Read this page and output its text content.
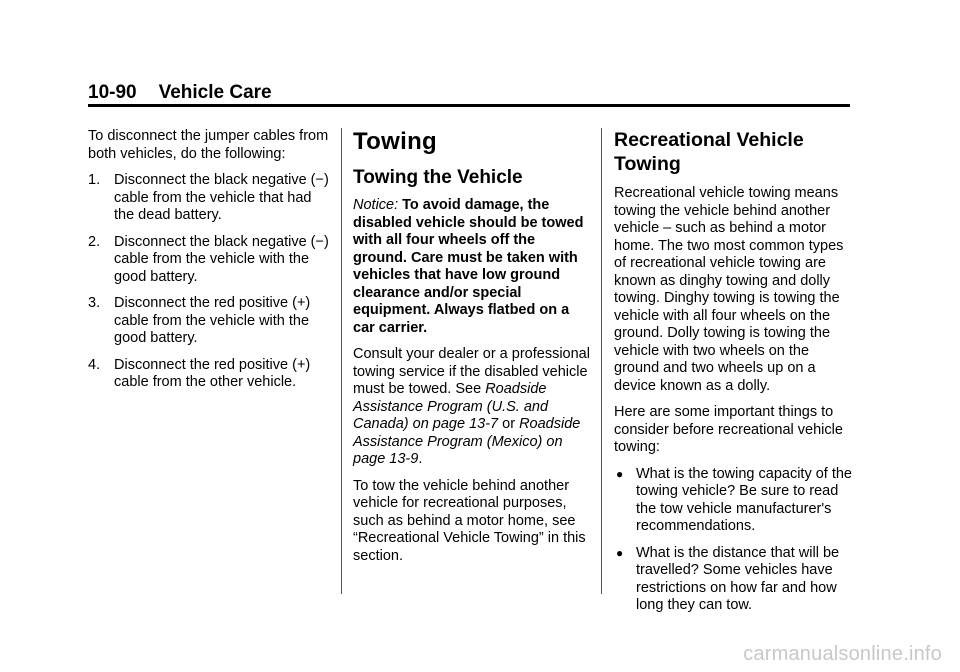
10-90 Vehicle Care

To disconnect the jumper cables from both vehicles, do the following:

1. Disconnect the black negative (−) cable from the vehicle that had the dead battery.
2. Disconnect the black negative (−) cable from the vehicle with the good battery.
3. Disconnect the red positive (+) cable from the vehicle with the good battery.
4. Disconnect the red positive (+) cable from the other vehicle.
Towing
Towing the Vehicle

Notice: To avoid damage, the disabled vehicle should be towed with all four wheels off the ground. Care must be taken with vehicles that have low ground clearance and/or special equipment. Always flatbed on a car carrier.

Consult your dealer or a professional towing service if the disabled vehicle must be towed. See Roadside Assistance Program (U.S. and Canada) on page 13-7 or Roadside Assistance Program (Mexico) on page 13-9.

To tow the vehicle behind another vehicle for recreational purposes, such as behind a motor home, see “Recreational Vehicle Towing” in this section.

Recreational Vehicle
Towing

Recreational vehicle towing means towing the vehicle behind another vehicle – such as behind a motor home. The two most common types of recreational vehicle towing are known as dinghy towing and dolly towing. Dinghy towing is towing the vehicle with all four wheels on the ground. Dolly towing is towing the vehicle with two wheels on the ground and two wheels up on a device known as a dolly.

Here are some important things to consider before recreational vehicle towing:

● What is the towing capacity of the towing vehicle? Be sure to read the tow vehicle manufacturer's recommendations.
● What is the distance that will be travelled? Some vehicles have restrictions on how far and how long they can tow.
carmanualsonline.info
